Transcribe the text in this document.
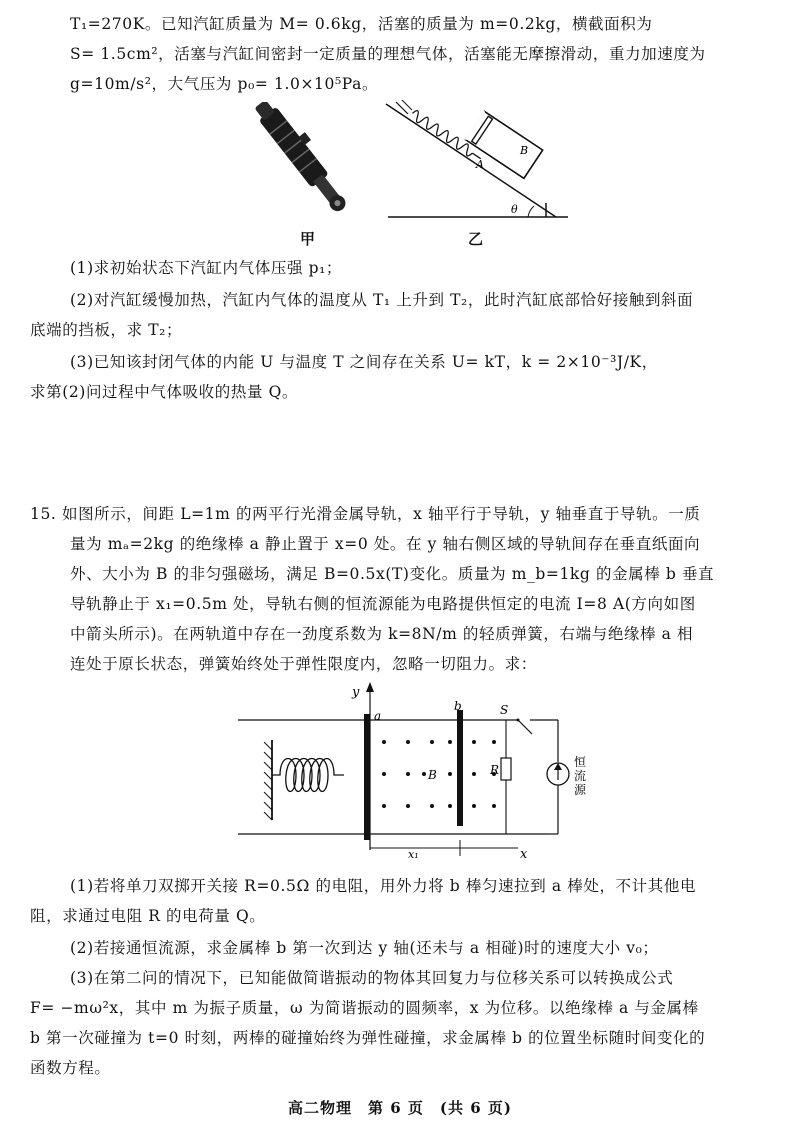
T₁=270K。已知汽缸质量为 M= 0.6kg，活塞的质量为 m=0.2kg，横截面积为
S= 1.5cm²，活塞与汽缸间密封一定质量的理想气体，活塞能无摩擦滑动，重力加速度为
g=10m/s²，大气压为 p₀= 1.0×10⁵Pa。
甲
A
B
θ
乙
(1)求初始状态下汽缸内气体压强 p₁；
(2)对汽缸缓慢加热，汽缸内气体的温度从 T₁ 上升到 T₂，此时汽缸底部恰好接触到斜面
底端的挡板，求 T₂；
(3)已知该封闭气体的内能 U 与温度 T 之间存在关系 U= kT，k = 2×10⁻³J/K，
求第(2)问过程中气体吸收的热量 Q。
15. 如图所示，间距 L=1m 的两平行光滑金属导轨，x 轴平行于导轨，y 轴垂直于导轨。一质
量为 mₐ=2kg 的绝缘棒 a 静止置于 x=0 处。在 y 轴右侧区域的导轨间存在垂直纸面向
外、大小为 B 的非匀强磁场，满足 B=0.5x(T)变化。质量为 m_b=1kg 的金属棒 b 垂直
导轨静止于 x₁=0.5m 处，导轨右侧的恒流源能为电路提供恒定的电流 I=8 A(方向如图
中箭头所示)。在两轨道中存在一劲度系数为 k=8N/m 的轻质弹簧，右端与绝缘棒 a 相
连处于原长状态，弹簧始终处于弹性限度内，忽略一切阻力。求：
y
a
b
B	R
S
恒
流
源
x₁	x
(1)若将单刀双掷开关接 R=0.5Ω 的电阻，用外力将 b 棒匀速拉到 a 棒处，不计其他电
阻，求通过电阻 R 的电荷量 Q。
(2)若接通恒流源，求金属棒 b 第一次到达 y 轴(还未与 a 相碰)时的速度大小 v₀；
(3)在第二问的情况下，已知能做简谐振动的物体其回复力与位移关系可以转换成公式
F= −mω²x，其中 m 为振子质量，ω 为简谐振动的圆频率，x 为位移。以绝缘棒 a 与金属棒
b 第一次碰撞为 t=0 时刻，两棒的碰撞始终为弹性碰撞，求金属棒 b 的位置坐标随时间变化的
函数方程。
高二物理　第 6 页　(共 6 页)
